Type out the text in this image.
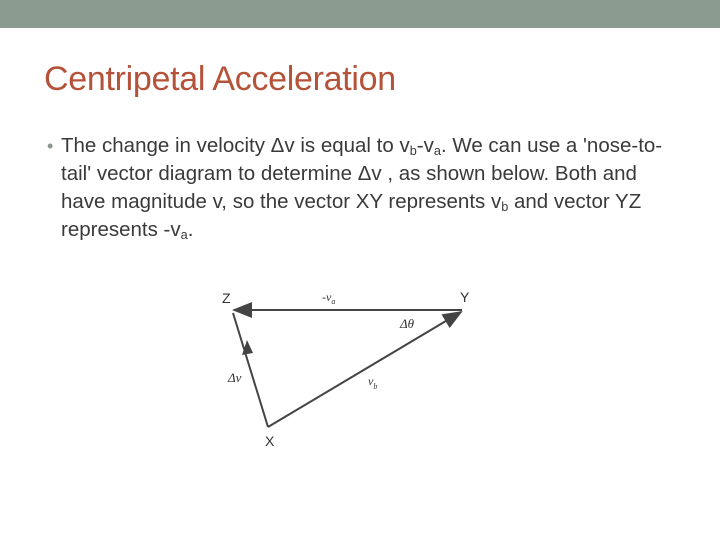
Centripetal Acceleration
• The change in velocity Δv is equal to $v_b-v_a$. We can use a 'nose-to-tail' vector diagram to determine Δv , as shown below. Both and have magnitude v, so the vector XY represents $v_b$ and vector YZ represents $-v_a$.
Z	Y
X
$-v_a$
Δθ
Δv	$v_b$
